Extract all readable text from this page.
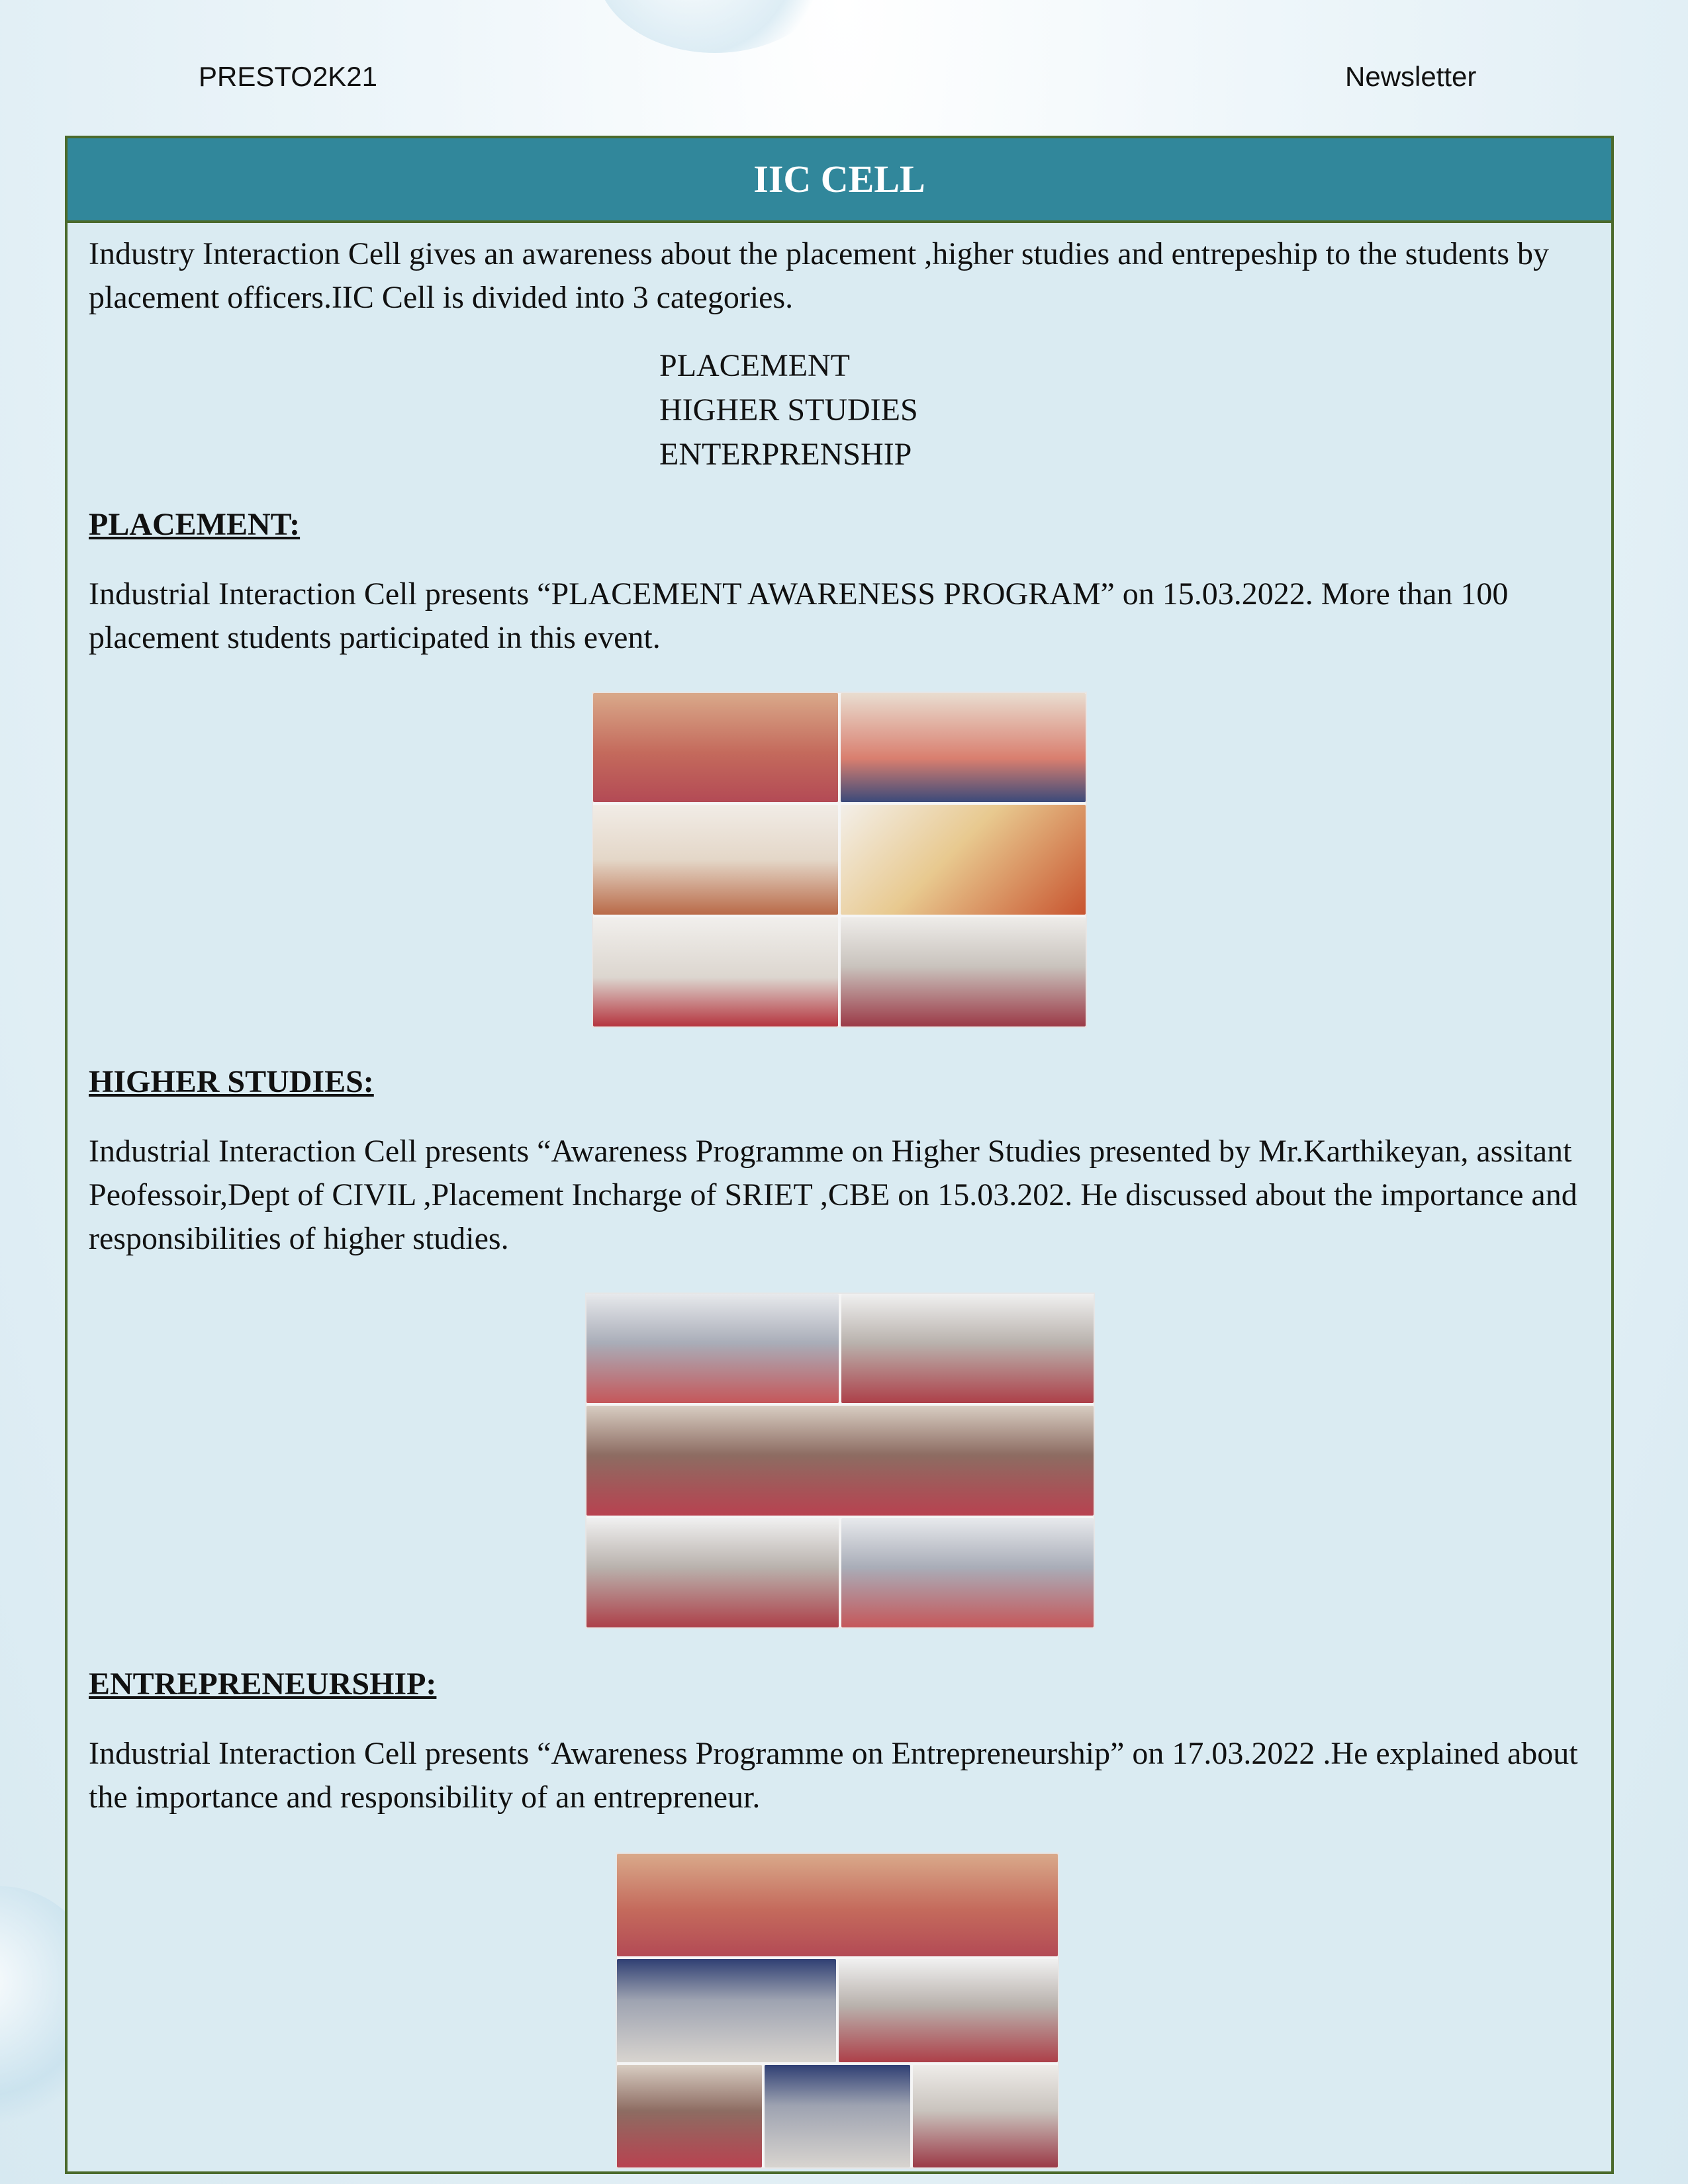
PRESTO2K21	Newsletter
IIC CELL

Industry Interaction Cell gives an awareness about the placement ,higher studies and entrepeship to the students by placement officers.IIC Cell is divided into 3 categories.

PLACEMENT
HIGHER STUDIES
ENTERPRENSHIP
PLACEMENT:

Industrial Interaction Cell presents “PLACEMENT AWARENESS PROGRAM” on 15.03.2022. More than 100 placement students participated in this event.

HIGHER STUDIES:

Industrial Interaction Cell presents “Awareness Programme on Higher Studies presented by Mr.Karthikeyan, assitant Peofessoir,Dept of CIVIL ,Placement Incharge of SRIET ,CBE on 15.03.202. He discussed about the importance and responsibilities of higher studies.

ENTREPRENEURSHIP:

Industrial Interaction Cell presents “Awareness Programme on Entrepreneurship” on 17.03.2022 .He explained about the importance and responsibility of an entrepreneur.
